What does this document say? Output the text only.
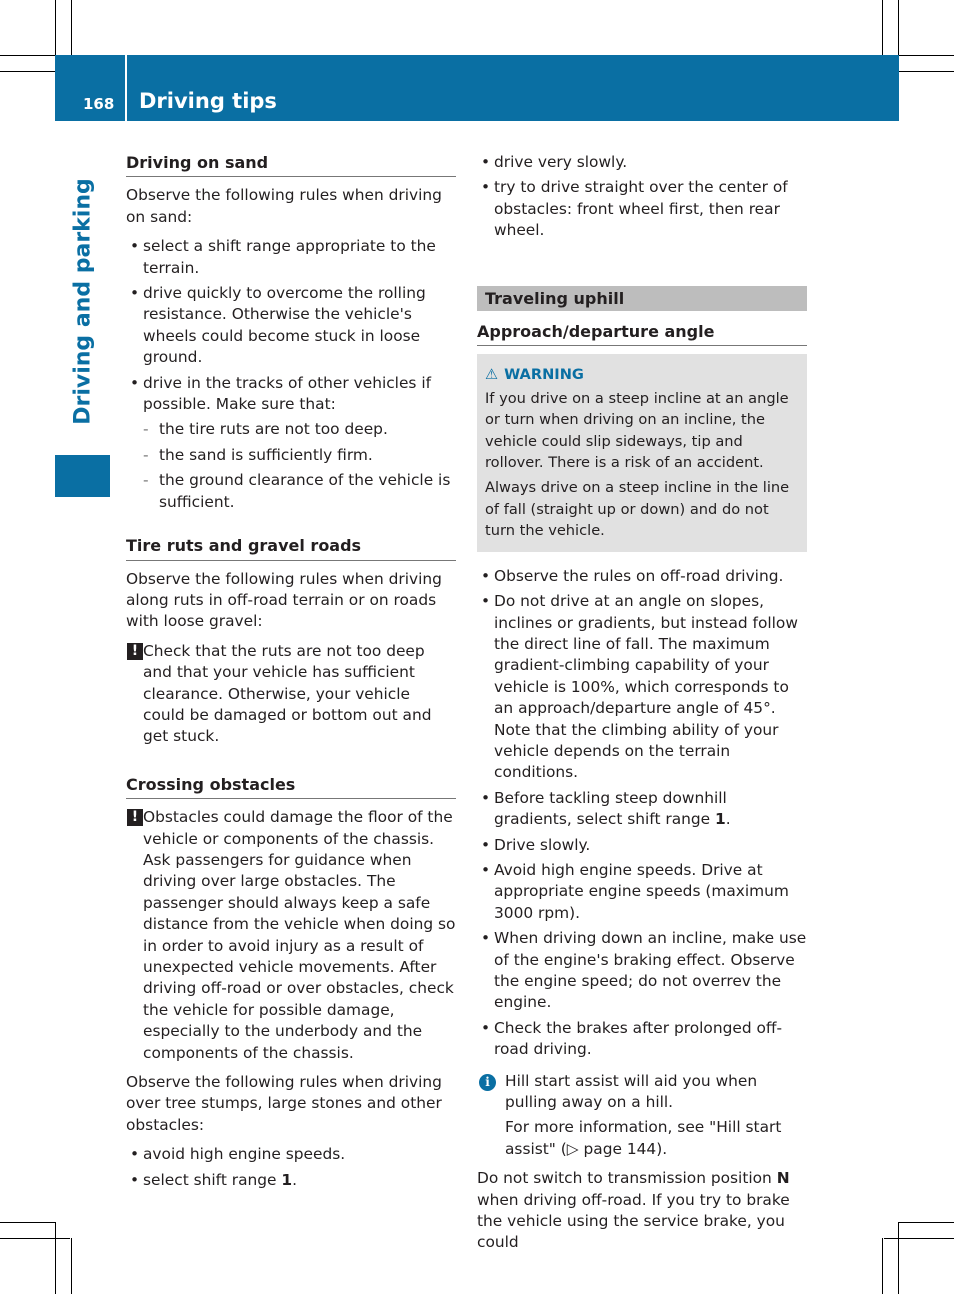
168 Driving tips
Driving and parking
Driving on sand
Observe the following rules when driving on sand:
• select a shift range appropriate to the terrain.
• drive quickly to overcome the rolling resistance. Otherwise the vehicle's wheels could become stuck in loose ground.
• drive in the tracks of other vehicles if possible. Make sure that:
- the tire ruts are not too deep.
- the sand is sufficiently firm.
- the ground clearance of the vehicle is sufficient.
Tire ruts and gravel roads
Observe the following rules when driving along ruts in off-road terrain or on roads with loose gravel:
! Check that the ruts are not too deep and that your vehicle has sufficient clearance. Otherwise, your vehicle could be damaged or bottom out and get stuck.
Crossing obstacles
! Obstacles could damage the floor of the vehicle or components of the chassis. Ask passengers for guidance when driving over large obstacles. The passenger should always keep a safe distance from the vehicle when doing so in order to avoid injury as a result of unexpected vehicle movements. After driving off-road or over obstacles, check the vehicle for possible damage, especially to the underbody and the components of the chassis.
Observe the following rules when driving over tree stumps, large stones and other obstacles:
• avoid high engine speeds.
• select shift range 1.
• drive very slowly.
• try to drive straight over the center of obstacles: front wheel first, then rear wheel.
Traveling uphill
Approach/departure angle
⚠ WARNING
If you drive on a steep incline at an angle or turn when driving on an incline, the vehicle could slip sideways, tip and rollover. There is a risk of an accident.
Always drive on a steep incline in the line of fall (straight up or down) and do not turn the vehicle.
• Observe the rules on off-road driving.
• Do not drive at an angle on slopes, inclines or gradients, but instead follow the direct line of fall. The maximum gradient-climbing capability of your vehicle is 100%, which corresponds to an approach/departure angle of 45°. Note that the climbing ability of your vehicle depends on the terrain conditions.
• Before tackling steep downhill gradients, select shift range 1.
• Drive slowly.
• Avoid high engine speeds. Drive at appropriate engine speeds (maximum 3000 rpm).
• When driving down an incline, make use of the engine's braking effect. Observe the engine speed; do not overrev the engine.
• Check the brakes after prolonged off-road driving.
i Hill start assist will aid you when pulling away on a hill.
For more information, see "Hill start assist" (▷ page 144).
Do not switch to transmission position N when driving off-road. If you try to brake the vehicle using the service brake, you could
